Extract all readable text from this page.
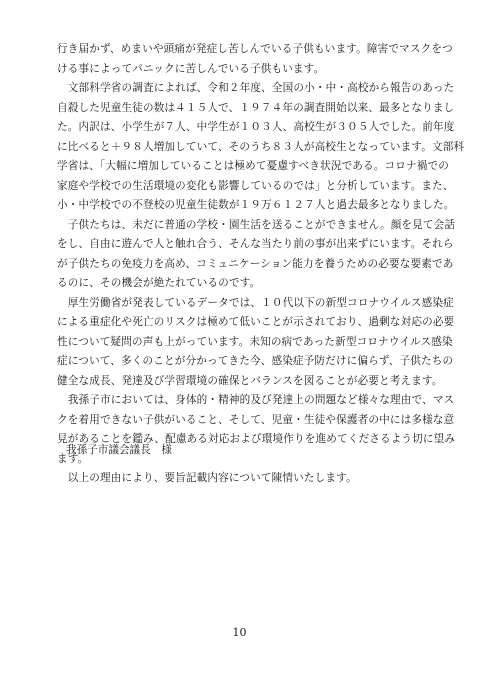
行き届かず、めまいや頭痛が発症し苦しんでいる子供もいます。障害でマスクをつ
ける事によってパニックに苦しんでいる子供もいます。
　文部科学省の調査によれば、令和２年度、全国の小・中・高校から報告のあった
自殺した児童生徒の数は４１５人で、１９７４年の調査開始以来、最多となりまし
た。内訳は、小学生が７人、中学生が１０３人、高校生が３０５人でした。前年度
に比べると＋９８人増加していて、そのうち８３人が高校生となっています。文部科
学省は、「大幅に増加していることは極めて憂慮すべき状況である。コロナ禍での
家庭や学校での生活環境の変化も影響しているのでは」と分析しています。また、
小・中学校での不登校の児童生徒数が１９万６１２７人と過去最多となりました。
　子供たちは、未だに普通の学校・園生活を送ることができません。顔を見て会話
をし、自由に遊んで人と触れ合う、そんな当たり前の事が出来ずにいます。それら
が子供たちの免疫力を高め、コミュニケーション能力を養うための必要な要素であ
るのに、その機会が絶たれているのです。
　厚生労働省が発表しているデータでは、１０代以下の新型コロナウイルス感染症
による重症化や死亡のリスクは極めて低いことが示されており、過剰な対応の必要
性について疑問の声も上がっています。未知の病であった新型コロナウイルス感染
症について、多くのことが分かってきた今、感染症予防だけに偏らず、子供たちの
健全な成長、発達及び学習環境の確保とバランスを図ることが必要と考えます。
　我孫子市においては、身体的・精神的及び発達上の問題など様々な理由で、マス
クを着用できない子供がいること、そして、児童・生徒や保護者の中には多様な意
見があることを鑑み、配慮ある対応および環境作りを進めてくださるよう切に望み
ます。
　以上の理由により、要旨記載内容について陳情いたします。
我孫子市議会議長　様
10
